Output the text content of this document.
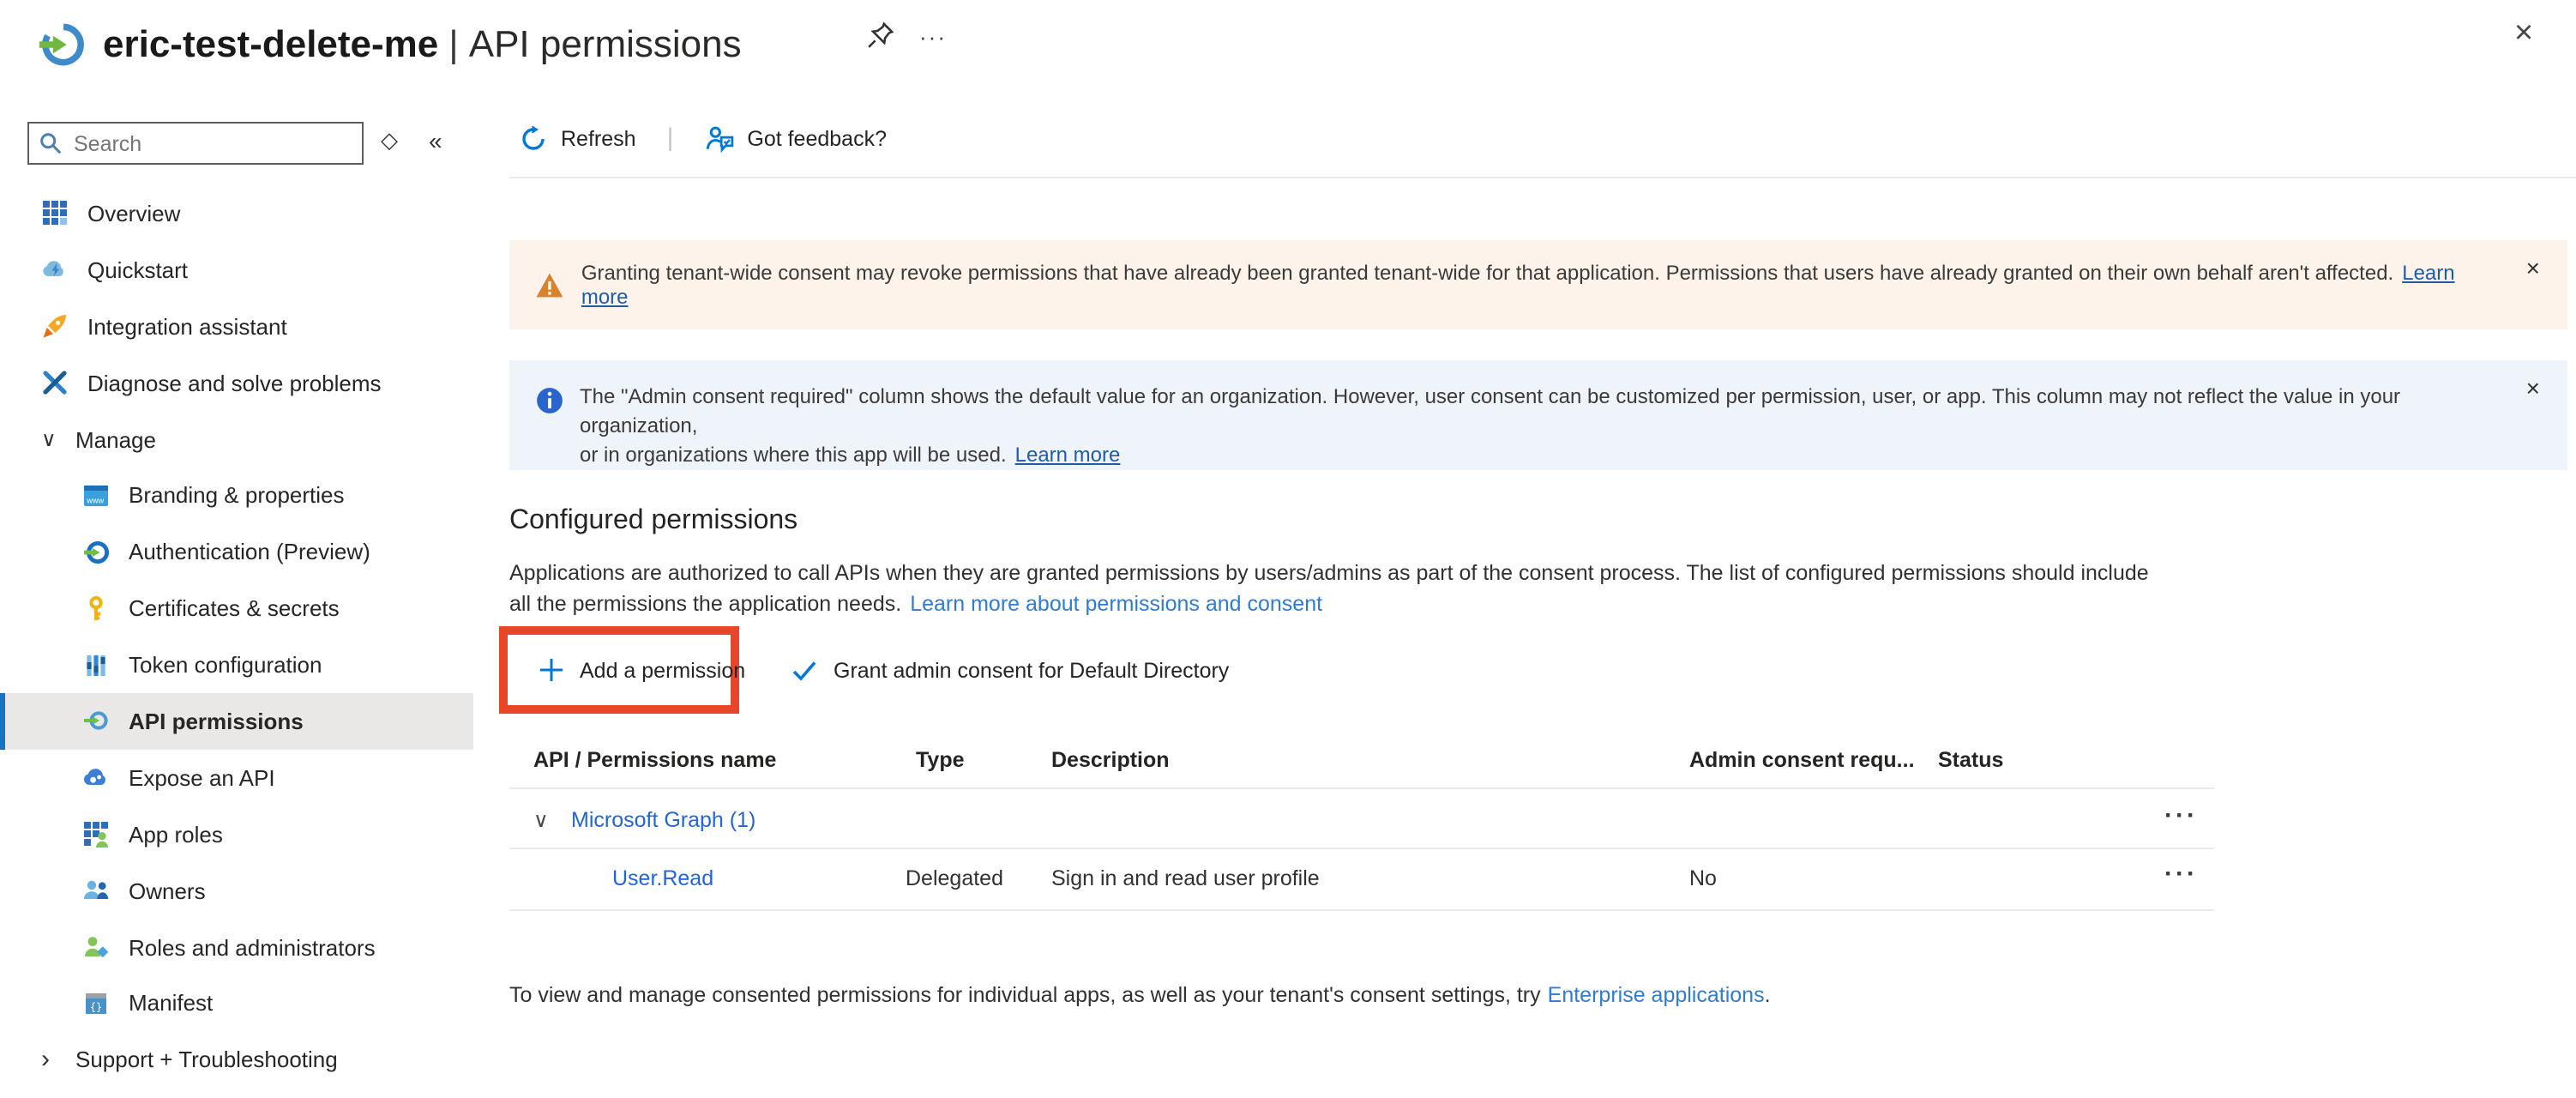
eric-test-delete-me | API permissions	···	×
Search
◇	«
Overview
Quickstart
Integration assistant
Diagnose and solve problems
∨	Manage
www Branding & properties
Authentication (Preview)
Certificates & secrets
Token configuration
API permissions
Expose an API
App roles
Owners
Roles and administrators
{} Manifest
›	Support + Troubleshooting
Refresh |	Got feedback?
Granting tenant-wide consent may revoke permissions that have already been granted tenant-wide for that application. Permissions that users have already granted on their own behalf aren't affected. Learn more
×
The "Admin consent required" column shows the default value for an organization. However, user consent can be customized per permission, user, or app. This column may not reflect the value in your organization,
or in organizations where this app will be used. Learn more
×
Configured permissions
Applications are authorized to call APIs when they are granted permissions by users/admins as part of the consent process. The list of configured permissions should include
all the permissions the application needs. Learn more about permissions and consent
Add a permission	Grant admin consent for Default Directory
API / Permissions name	Type	Description	Admin consent requ... Status
∨ Microsoft Graph (1)	···
User.Read	Delegated	Sign in and read user profile	No	···
To view and manage consented permissions for individual apps, as well as your tenant's consent settings, try Enterprise applications.
